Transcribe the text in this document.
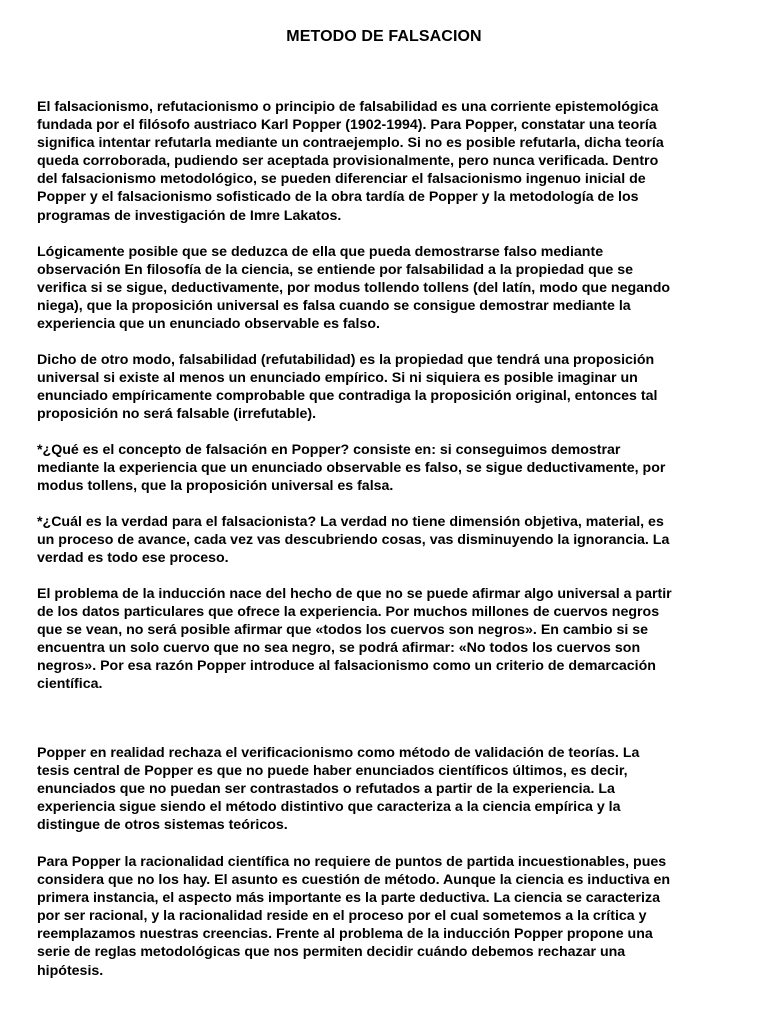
METODO DE FALSACION

El falsacionismo, refutacionismo o principio de falsabilidad es una corriente epistemológica
fundada por el filósofo austriaco Karl Popper (1902-1994). Para Popper, constatar una teoría
significa intentar refutarla mediante un contraejemplo. Si no es posible refutarla, dicha teoría
queda corroborada, pudiendo ser aceptada provisionalmente, pero nunca verificada. Dentro
del falsacionismo metodológico, se pueden diferenciar el falsacionismo ingenuo inicial de
Popper y el falsacionismo sofisticado de la obra tardía de Popper y la metodología de los
programas de investigación de Imre Lakatos.

Lógicamente posible que se deduzca de ella que pueda demostrarse falso mediante
observación En filosofía de la ciencia, se entiende por falsabilidad a la propiedad que se
verifica si se sigue, deductivamente, por modus tollendo tollens (del latín, modo que negando
niega), que la proposición universal es falsa cuando se consigue demostrar mediante la
experiencia que un enunciado observable es falso.

Dicho de otro modo, falsabilidad (refutabilidad) es la propiedad que tendrá una proposición
universal si existe al menos un enunciado empírico. Si ni siquiera es posible imaginar un
enunciado empíricamente comprobable que contradiga la proposición original, entonces tal
proposición no será falsable (irrefutable).

*¿Qué es el concepto de falsación en Popper? consiste en: si conseguimos demostrar
mediante la experiencia que un enunciado observable es falso, se sigue deductivamente, por
modus tollens, que la proposición universal es falsa.

*¿Cuál es la verdad para el falsacionista? La verdad no tiene dimensión objetiva, material, es
un proceso de avance, cada vez vas descubriendo cosas, vas disminuyendo la ignorancia. La
verdad es todo ese proceso.

El problema de la inducción nace del hecho de que no se puede afirmar algo universal a partir
de los datos particulares que ofrece la experiencia. Por muchos millones de cuervos negros
que se vean, no será posible afirmar que «todos los cuervos son negros». En cambio si se
encuentra un solo cuervo que no sea negro, se podrá afirmar: «No todos los cuervos son
negros». Por esa razón Popper introduce al falsacionismo como un criterio de demarcación
científica.

Popper en realidad rechaza el verificacionismo como método de validación de teorías. La
tesis central de Popper es que no puede haber enunciados científicos últimos, es decir,
enunciados que no puedan ser contrastados o refutados a partir de la experiencia. La
experiencia sigue siendo el método distintivo que caracteriza a la ciencia empírica y la
distingue de otros sistemas teóricos.

Para Popper la racionalidad científica no requiere de puntos de partida incuestionables, pues
considera que no los hay. El asunto es cuestión de método. Aunque la ciencia es inductiva en
primera instancia, el aspecto más importante es la parte deductiva. La ciencia se caracteriza
por ser racional, y la racionalidad reside en el proceso por el cual sometemos a la crítica y
reemplazamos nuestras creencias. Frente al problema de la inducción Popper propone una
serie de reglas metodológicas que nos permiten decidir cuándo debemos rechazar una
hipótesis.
